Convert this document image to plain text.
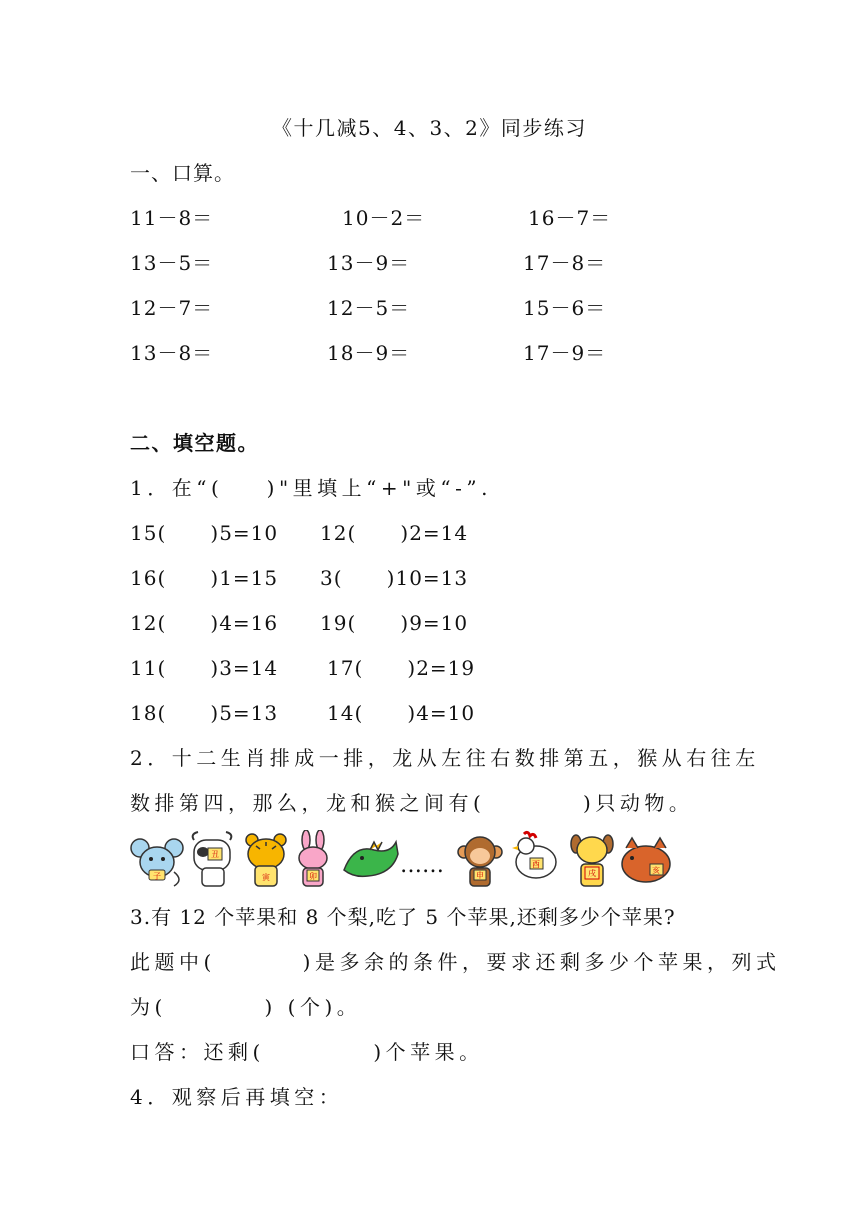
《十几减5、4、3、2》同步练习
一、口算。
11－8＝	10－2＝	16－7＝
13－5＝	13－9＝	17－8＝
12－7＝	12－5＝	15－6＝
13－8＝	18－9＝	17－9＝
二、填空题。
1．在“(    )"里填上“+"或“-”.
15(      )5=10 12(      )2=14
16(      )1=15 3(      )10=13
12(      )4=16 19(      )9=10
11(      )3=14 17(      )2=19
18(      )5=13 14(      )4=10
2．十二生肖排成一排，龙从左往右数排第五，猴从右往左
数排第四，那么，龙和猴之间有(         )只动物。
子
丑
寅	卯	……	申
酉
戌	亥
3.有 12 个苹果和 8 个梨,吃了 5 个苹果,还剩多少个苹果?
此题中(        )是多余的条件，要求还剩多少个苹果，列式
为(         ) (个)。
口答：还剩(          )个苹果。
4．观察后再填空：
